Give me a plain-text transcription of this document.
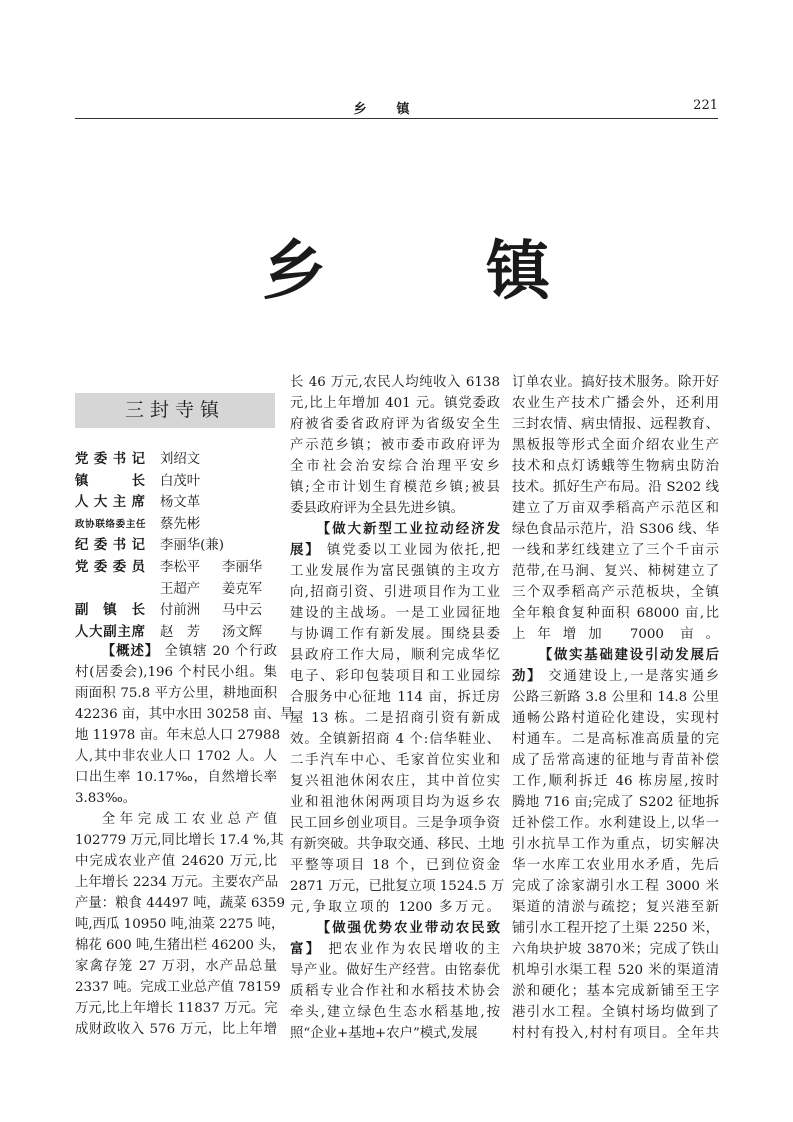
乡镇	221
乡	镇
三封寺镇
党委书记 刘绍文
镇长 白茂叶
人大主席 杨文革
政协联络委主任 蔡先彬
纪委书记 李丽华(兼)
党委委员 李松平 李丽华
王超产 姜克军
副镇长 付前洲 马中云
人大副主席 赵　芳 汤文辉
【概述】 全镇辖 20 个行政
村(居委会),196 个村民小组。集
雨面积 75.8 平方公里，耕地面积
42236 亩，其中水田 30258 亩、旱
地 11978 亩。年末总人口 27988
人,其中非农业人口 1702 人。人
口出生率 10.17‰，自然增长率
3.83‰。
全年完成工农业总产值
102779 万元,同比增长 17.4 %,其
中完成农业产值 24620 万元,比
上年增长 2234 万元。主要农产品
产量：粮食 44497 吨，蔬菜 6359
吨,西瓜 10950 吨,油菜 2275 吨，
棉花 600 吨,生猪出栏 46200 头，
家禽存笼 27 万羽，水产品总量
2337 吨。完成工业总产值 78159
万元,比上年增长 11837 万元。完
成财政收入 576 万元，比上年增
长 46 万元,农民人均纯收入 6138
元,比上年增加 401 元。镇党委政
府被省委省政府评为省级安全生
产示范乡镇；被市委市政府评为
全市社会治安综合治理平安乡
镇;全市计划生育模范乡镇;被县
委县政府评为全县先进乡镇。
【做大新型工业拉动经济发
展】 镇党委以工业园为依托,把
工业发展作为富民强镇的主攻方
向,招商引资、引进项目作为工业
建设的主战场。一是工业园征地
与协调工作有新发展。围绕县委
县政府工作大局，顺利完成华忆
电子、彩印包装项目和工业园综
合服务中心征地 114 亩，拆迁房
屋 13 栋。二是招商引资有新成
效。全镇新招商 4 个:信华鞋业、
二手汽车中心、毛家首位实业和
复兴祖池休闲农庄，其中首位实
业和祖池休闲两项目均为返乡农
民工回乡创业项目。三是争项争资
有新突破。共争取交通、移民、土地
平整等项目 18 个，已到位资金
2871 万元，已批复立项 1524.5 万
元,争取立项的 1200 多万元。
【做强优势农业带动农民致
富】 把农业作为农民增收的主
导产业。做好生产经营。由铭泰优
质稻专业合作社和水稻技术协会
牵头,建立绿色生态水稻基地,按
照“企业+基地+农户”模式,发展
订单农业。搞好技术服务。除开好
农业生产技术广播会外，还利用
三封农情、病虫情报、远程教育、
黑板报等形式全面介绍农业生产
技术和点灯诱蛾等生物病虫防治
技术。抓好生产布局。沿 S202 线
建立了万亩双季稻高产示范区和
绿色食品示范片，沿 S306 线、华
一线和茅红线建立了三个千亩示
范带,在马涧、复兴、柿树建立了
三个双季稻高产示范板块，全镇
全年粮食复种面积 68000 亩,比
上年增加 7000 亩。
【做实基础建设引动发展后
劲】 交通建设上,一是落实通乡
公路三新路 3.8 公里和 14.8 公里
通畅公路村道砼化建设，实现村
村通车。二是高标准高质量的完
成了岳常高速的征地与青苗补偿
工作,顺利拆迁 46 栋房屋,按时
腾地 716 亩;完成了 S202 征地拆
迁补偿工作。水利建设上,以华一
引水抗旱工作为重点，切实解决
华一水库工农业用水矛盾，先后
完成了涂家湖引水工程 3000 米
渠道的清淤与疏挖；复兴港至新
铺引水工程开挖了土渠 2250 米，
六角块护坡 3870米；完成了铁山
机埠引水渠工程 520 米的渠道清
淤和硬化；基本完成新铺至王字
港引水工程。全镇村场均做到了
村村有投入,村村有项目。全年共
